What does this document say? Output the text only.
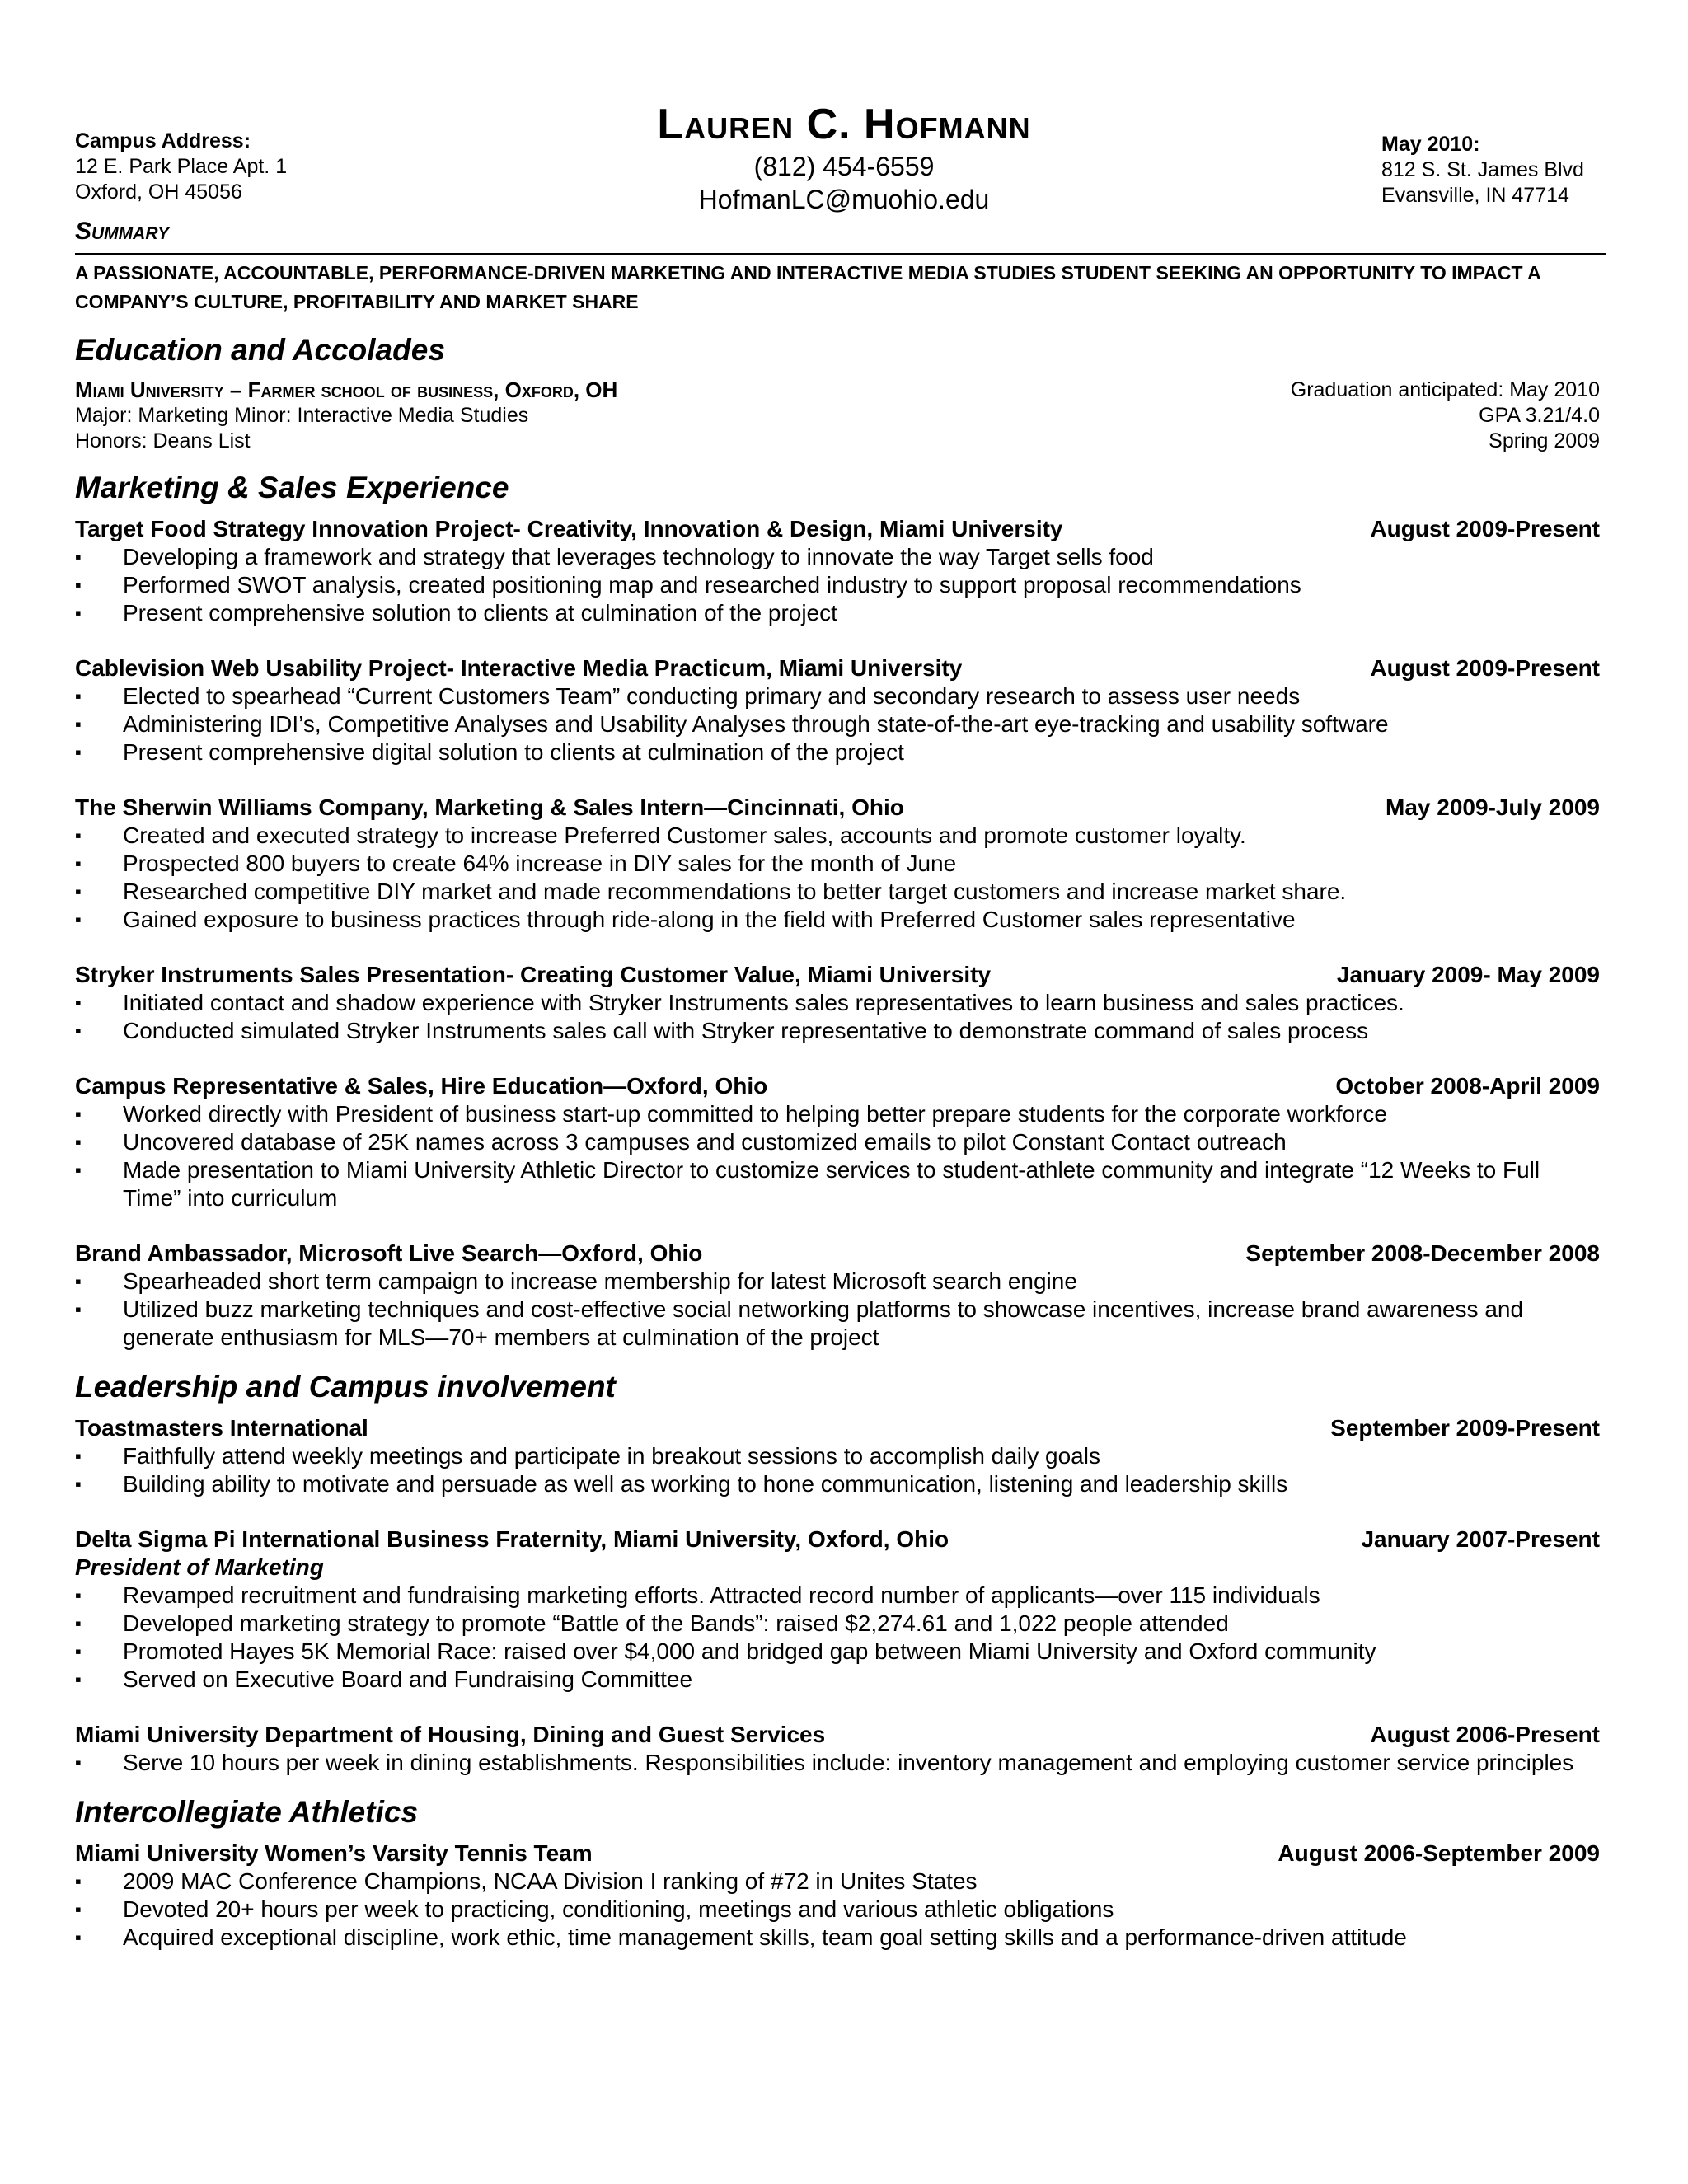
Campus Address:
12 E. Park Place Apt. 1
Oxford, OH 45056
Lauren C. Hofmann
(812) 454-6559
HofmanLC@muohio.edu
May 2010:
812 S. St. James Blvd
Evansville, IN 47714
Summary
A PASSIONATE, ACCOUNTABLE, PERFORMANCE-DRIVEN MARKETING AND INTERACTIVE MEDIA STUDIES STUDENT SEEKING AN OPPORTUNITY TO IMPACT A COMPANY’S CULTURE, PROFITABILITY AND MARKET SHARE
Education and Accolades
Miami University – Farmer school of business, Oxford, OH	Graduation anticipated: May 2010
Major: Marketing Minor: Interactive Media Studies	GPA 3.21/4.0
Honors: Deans List	Spring 2009
Marketing & Sales Experience
Target Food Strategy Innovation Project- Creativity, Innovation & Design, Miami University	August 2009-Present
▪ Developing a framework and strategy that leverages technology to innovate the way Target sells food
▪ Performed SWOT analysis, created positioning map and researched industry to support proposal recommendations
▪ Present comprehensive solution to clients at culmination of the project
Cablevision Web Usability Project- Interactive Media Practicum, Miami University	August 2009-Present
▪ Elected to spearhead “Current Customers Team” conducting primary and secondary research to assess user needs
▪ Administering IDI’s, Competitive Analyses and Usability Analyses through state-of-the-art eye-tracking and usability software
▪ Present comprehensive digital solution to clients at culmination of the project
The Sherwin Williams Company, Marketing & Sales Intern—Cincinnati, Ohio	May 2009-July 2009
▪ Created and executed strategy to increase Preferred Customer sales, accounts and promote customer loyalty.
▪ Prospected 800 buyers to create 64% increase in DIY sales for the month of June
▪ Researched competitive DIY market and made recommendations to better target customers and increase market share.
▪ Gained exposure to business practices through ride-along in the field with Preferred Customer sales representative
Stryker Instruments Sales Presentation- Creating Customer Value, Miami University	January 2009- May 2009
▪ Initiated contact and shadow experience with Stryker Instruments sales representatives to learn business and sales practices.
▪ Conducted simulated Stryker Instruments sales call with Stryker representative to demonstrate command of sales process
Campus Representative & Sales, Hire Education—Oxford, Ohio	October 2008-April 2009
▪ Worked directly with President of business start-up committed to helping better prepare students for the corporate workforce
▪ Uncovered database of 25K names across 3 campuses and customized emails to pilot Constant Contact outreach
▪ Made presentation to Miami University Athletic Director to customize services to student-athlete community and integrate “12 Weeks to Full Time” into curriculum
Brand Ambassador, Microsoft Live Search—Oxford, Ohio	September 2008-December 2008
▪ Spearheaded short term campaign to increase membership for latest Microsoft search engine
▪ Utilized buzz marketing techniques and cost-effective social networking platforms to showcase incentives, increase brand awareness and generate enthusiasm for MLS—70+ members at culmination of the project
Leadership and Campus involvement
Toastmasters International	September 2009-Present
▪ Faithfully attend weekly meetings and participate in breakout sessions to accomplish daily goals
▪ Building ability to motivate and persuade as well as working to hone communication, listening and leadership skills
Delta Sigma Pi International Business Fraternity, Miami University, Oxford, Ohio	January 2007-Present
President of Marketing
▪ Revamped recruitment and fundraising marketing efforts. Attracted record number of applicants—over 115 individuals
▪ Developed marketing strategy to promote “Battle of the Bands”: raised $2,274.61 and 1,022 people attended
▪ Promoted Hayes 5K Memorial Race: raised over $4,000 and bridged gap between Miami University and Oxford community
▪ Served on Executive Board and Fundraising Committee
Miami University Department of Housing, Dining and Guest Services	August 2006-Present
▪ Serve 10 hours per week in dining establishments. Responsibilities include: inventory management and employing customer service principles
Intercollegiate Athletics
Miami University Women’s Varsity Tennis Team	August 2006-September 2009
▪ 2009 MAC Conference Champions, NCAA Division I ranking of #72 in Unites States
▪ Devoted 20+ hours per week to practicing, conditioning, meetings and various athletic obligations
▪ Acquired exceptional discipline, work ethic, time management skills, team goal setting skills and a performance-driven attitude
